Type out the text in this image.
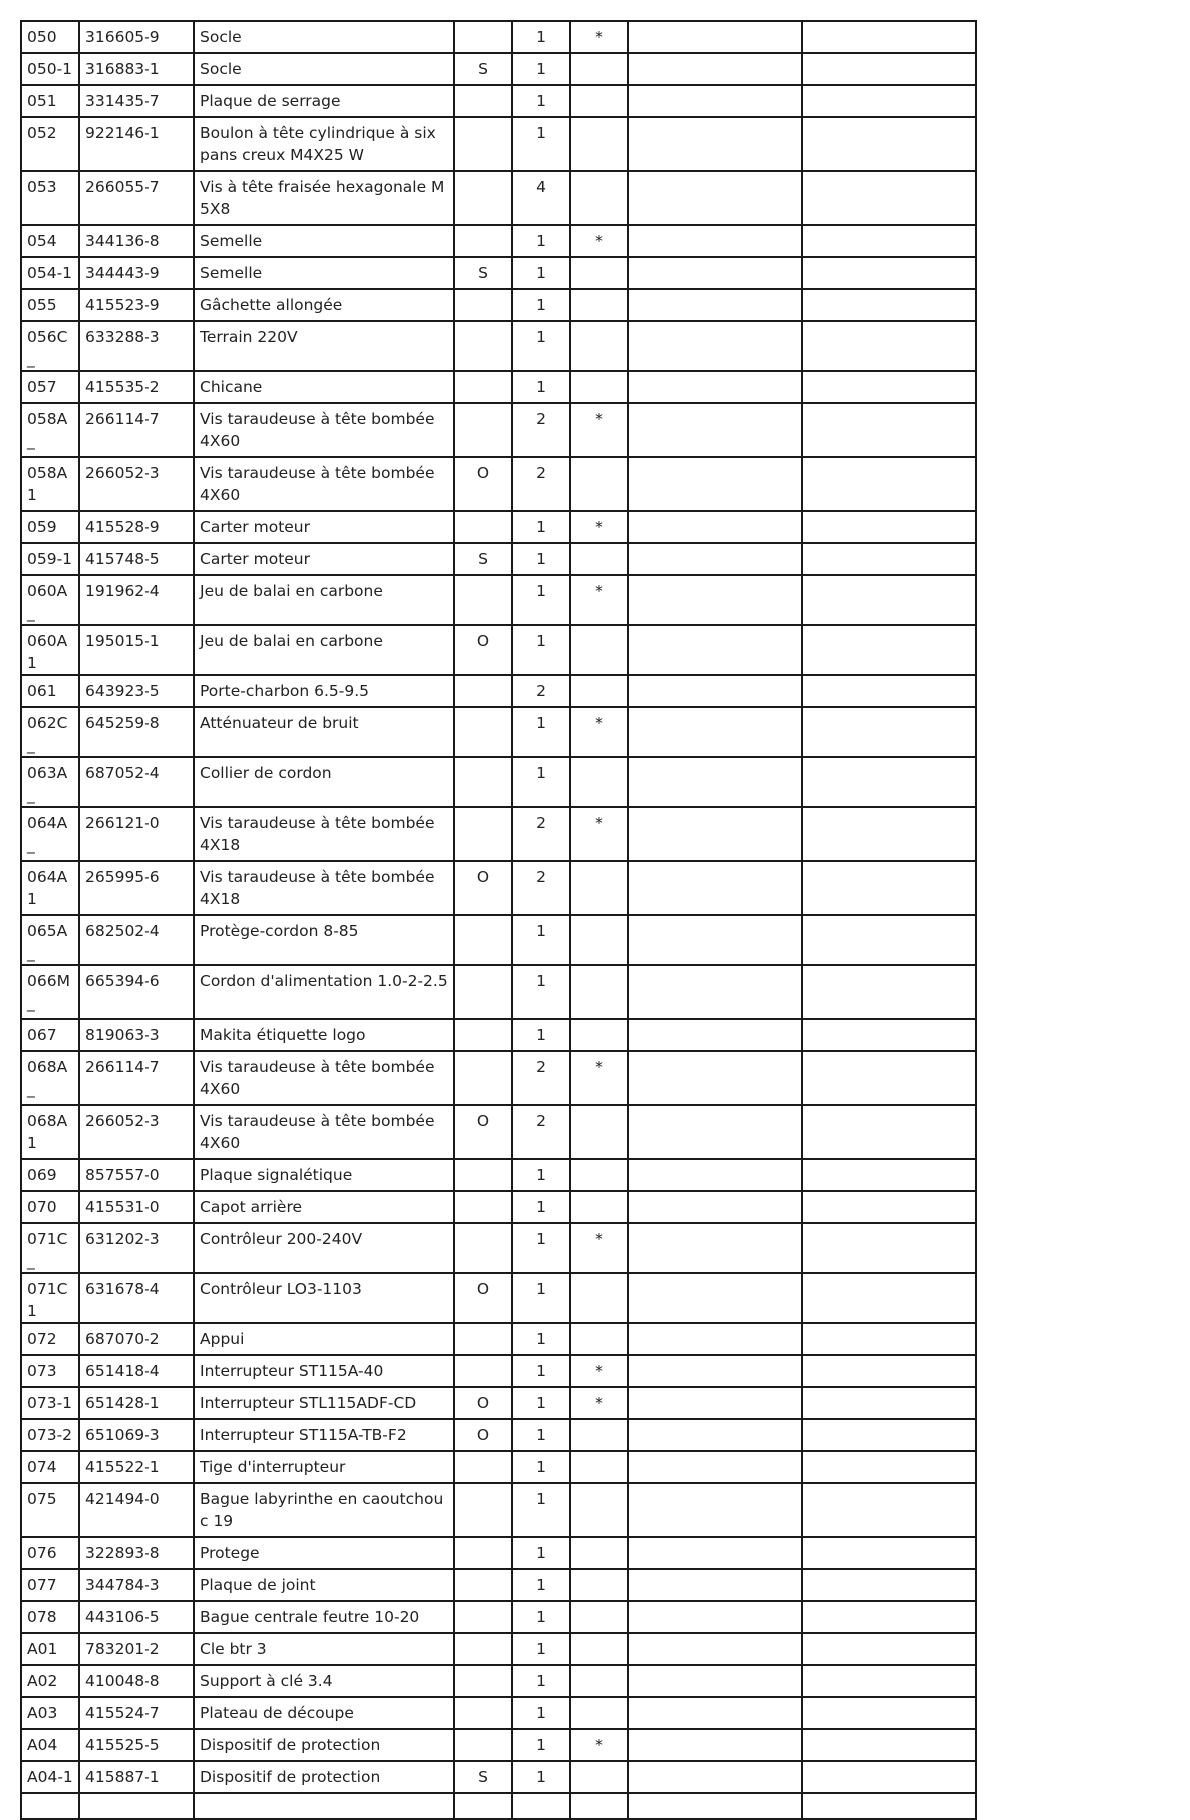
050	316605-9	Socle		1	*		
050-1	316883-1	Socle	S	1			
051	331435-7	Plaque de serrage		1			
052	922146-1	Boulon à tête cylindrique à six pans creux M4X25 W		1			
053	266055-7	Vis à tête fraisée hexagonale M5X8		4			
054	344136-8	Semelle		1	*		
054-1	344443-9	Semelle	S	1			
055	415523-9	Gâchette allongée		1			
056C_	633288-3	Terrain 220V		1			
057	415535-2	Chicane		1			
058A_	266114-7	Vis taraudeuse à tête bombée 4X60		2	*		
058A1	266052-3	Vis taraudeuse à tête bombée 4X60	O	2			
059	415528-9	Carter moteur		1	*		
059-1	415748-5	Carter moteur	S	1			
060A_	191962-4	Jeu de balai en carbone		1	*		
060A1	195015-1	Jeu de balai en carbone	O	1			
061	643923-5	Porte-charbon 6.5-9.5		2			
062C_	645259-8	Atténuateur de bruit		1	*		
063A_	687052-4	Collier de cordon		1			
064A_	266121-0	Vis taraudeuse à tête bombée 4X18		2	*		
064A1	265995-6	Vis taraudeuse à tête bombée 4X18	O	2			
065A_	682502-4	Protège-cordon 8-85		1			
066M_	665394-6	Cordon d'alimentation 1.0-2-2.5		1			
067	819063-3	Makita étiquette logo		1			
068A_	266114-7	Vis taraudeuse à tête bombée 4X60		2	*		
068A1	266052-3	Vis taraudeuse à tête bombée 4X60	O	2			
069	857557-0	Plaque signalétique		1			
070	415531-0	Capot arrière		1			
071C_	631202-3	Contrôleur 200-240V		1	*		
071C1	631678-4	Contrôleur LO3-1103	O	1			
072	687070-2	Appui		1			
073	651418-4	Interrupteur ST115A-40		1	*		
073-1	651428-1	Interrupteur STL115ADF-CD	O	1	*		
073-2	651069-3	Interrupteur ST115A-TB-F2	O	1			
074	415522-1	Tige d'interrupteur		1			
075	421494-0	Bague labyrinthe en caoutchouc 19		1			
076	322893-8	Protege		1			
077	344784-3	Plaque de joint		1			
078	443106-5	Bague centrale feutre 10-20		1			
A01	783201-2	Cle btr 3		1			
A02	410048-8	Support à clé 3.4		1			
A03	415524-7	Plateau de découpe		1			
A04	415525-5	Dispositif de protection		1	*		
A04-1	415887-1	Dispositif de protection	S	1			
